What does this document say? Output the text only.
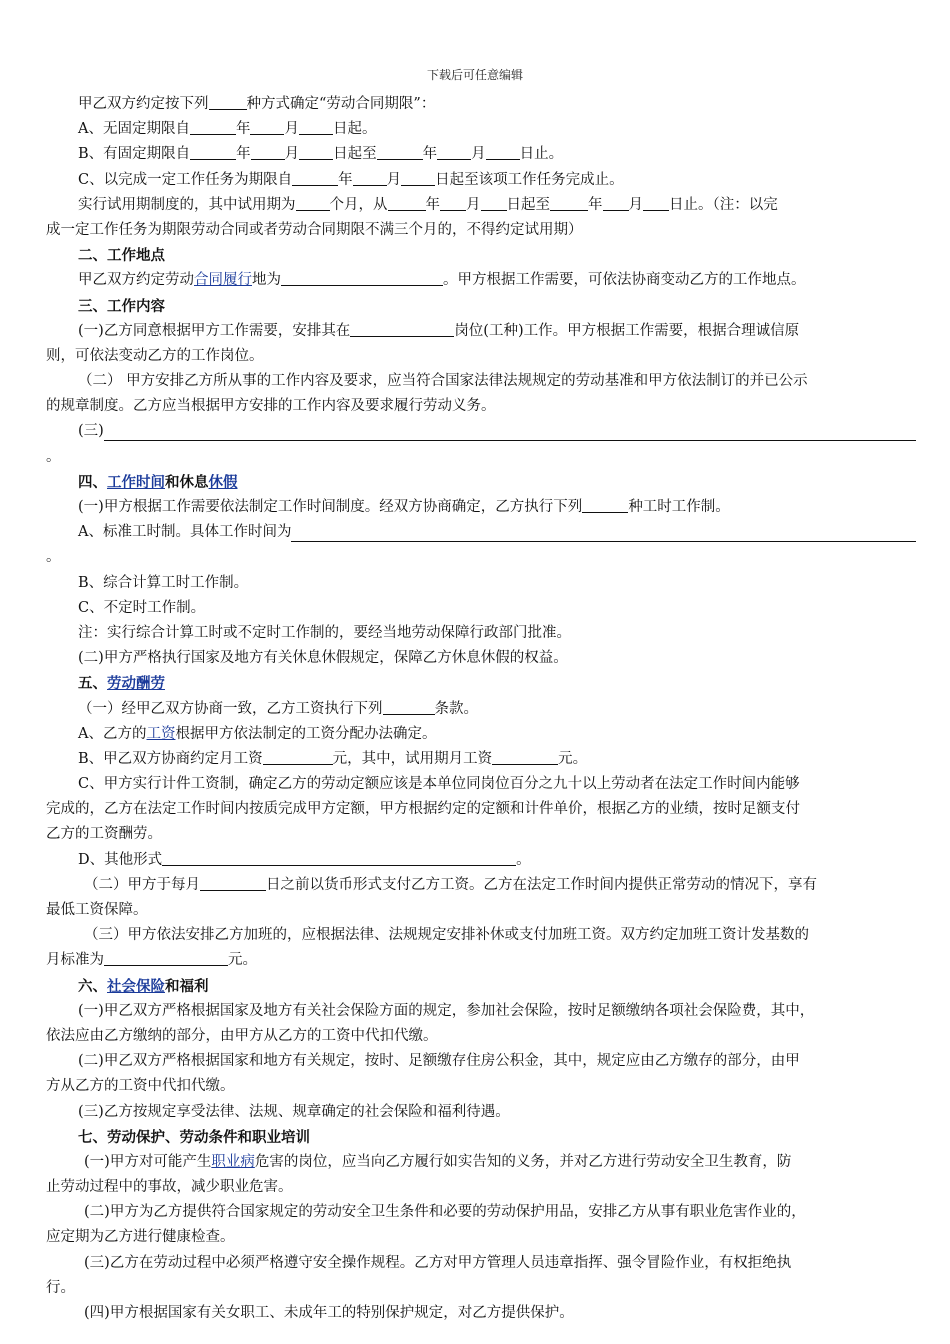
下载后可任意编辑
甲乙双方约定按下列	种方式确定“劳动合同期限”：
A、无固定期限自	年 月 日起。
B、有固定期限自	年 月 日起至	年 月 日止。
C、以完成一定工作任务为期限自	年 月 日起至该项工作任务完成止。
实行试用期制度的，其中试用期为 个月，从	年 月 日起至	年 月 日止。（注：以完
成一定工作任务为期限劳动合同或者劳动合同期限不满三个月的，不得约定试用期）
二、工作地点
甲乙双方约定劳动合同履行地为	。甲方根据工作需要，可依法协商变动乙方的工作地点。
三、工作内容
(一)乙方同意根据甲方工作需要，安排其在	岗位(工种)工作。甲方根据工作需要，根据合理诚信原
则，可依法变动乙方的工作岗位。
（二） 甲方安排乙方所从事的工作内容及要求，应当符合国家法律法规规定的劳动基准和甲方依法制订的并已公示
的规章制度。乙方应当根据甲方安排的工作内容及要求履行劳动义务。
(三)
。
四、工作时间和休息休假
(一)甲方根据工作需要依法制定工作时间制度。经双方协商确定，乙方执行下列	种工时工作制。
A、标准工时制。具体工作时间为
。
B、综合计算工时工作制。
C、不定时工作制。
注：实行综合计算工时或不定时工作制的，要经当地劳动保障行政部门批准。
(二)甲方严格执行国家及地方有关休息休假规定，保障乙方休息休假的权益。
五、劳动酬劳
（一）经甲乙双方协商一致，乙方工资执行下列	条款。
A、乙方的工资根据甲方依法制定的工资分配办法确定。
B、甲乙双方协商约定月工资	元，其中，试用期月工资	元。
C、甲方实行计件工资制，确定乙方的劳动定额应该是本单位同岗位百分之九十以上劳动者在法定工作时间内能够
完成的，乙方在法定工作时间内按质完成甲方定额，甲方根据约定的定额和计件单价，根据乙方的业绩，按时足额支付
乙方的工资酬劳。
D、其他形式	。
（二）甲方于每月	日之前以货币形式支付乙方工资。乙方在法定工作时间内提供正常劳动的情况下，享有
最低工资保障。
（三）甲方依法安排乙方加班的，应根据法律、法规规定安排补休或支付加班工资。双方约定加班工资计发基数的
月标准为	元。
六、社会保险和福利
(一)甲乙双方严格根据国家及地方有关社会保险方面的规定，参加社会保险，按时足额缴纳各项社会保险费，其中，
依法应由乙方缴纳的部分，由甲方从乙方的工资中代扣代缴。
(二)甲乙双方严格根据国家和地方有关规定，按时、足额缴存住房公积金，其中，规定应由乙方缴存的部分，由甲
方从乙方的工资中代扣代缴。
(三)乙方按规定享受法律、法规、规章确定的社会保险和福利待遇。
七、劳动保护、劳动条件和职业培训
(一)甲方对可能产生职业病危害的岗位，应当向乙方履行如实告知的义务，并对乙方进行劳动安全卫生教育，防
止劳动过程中的事故，减少职业危害。
(二)甲方为乙方提供符合国家规定的劳动安全卫生条件和必要的劳动保护用品，安排乙方从事有职业危害作业的，
应定期为乙方进行健康检查。
(三)乙方在劳动过程中必须严格遵守安全操作规程。乙方对甲方管理人员违章指挥、强令冒险作业，有权拒绝执
行。
(四)甲方根据国家有关女职工、未成年工的特别保护规定，对乙方提供保护。
